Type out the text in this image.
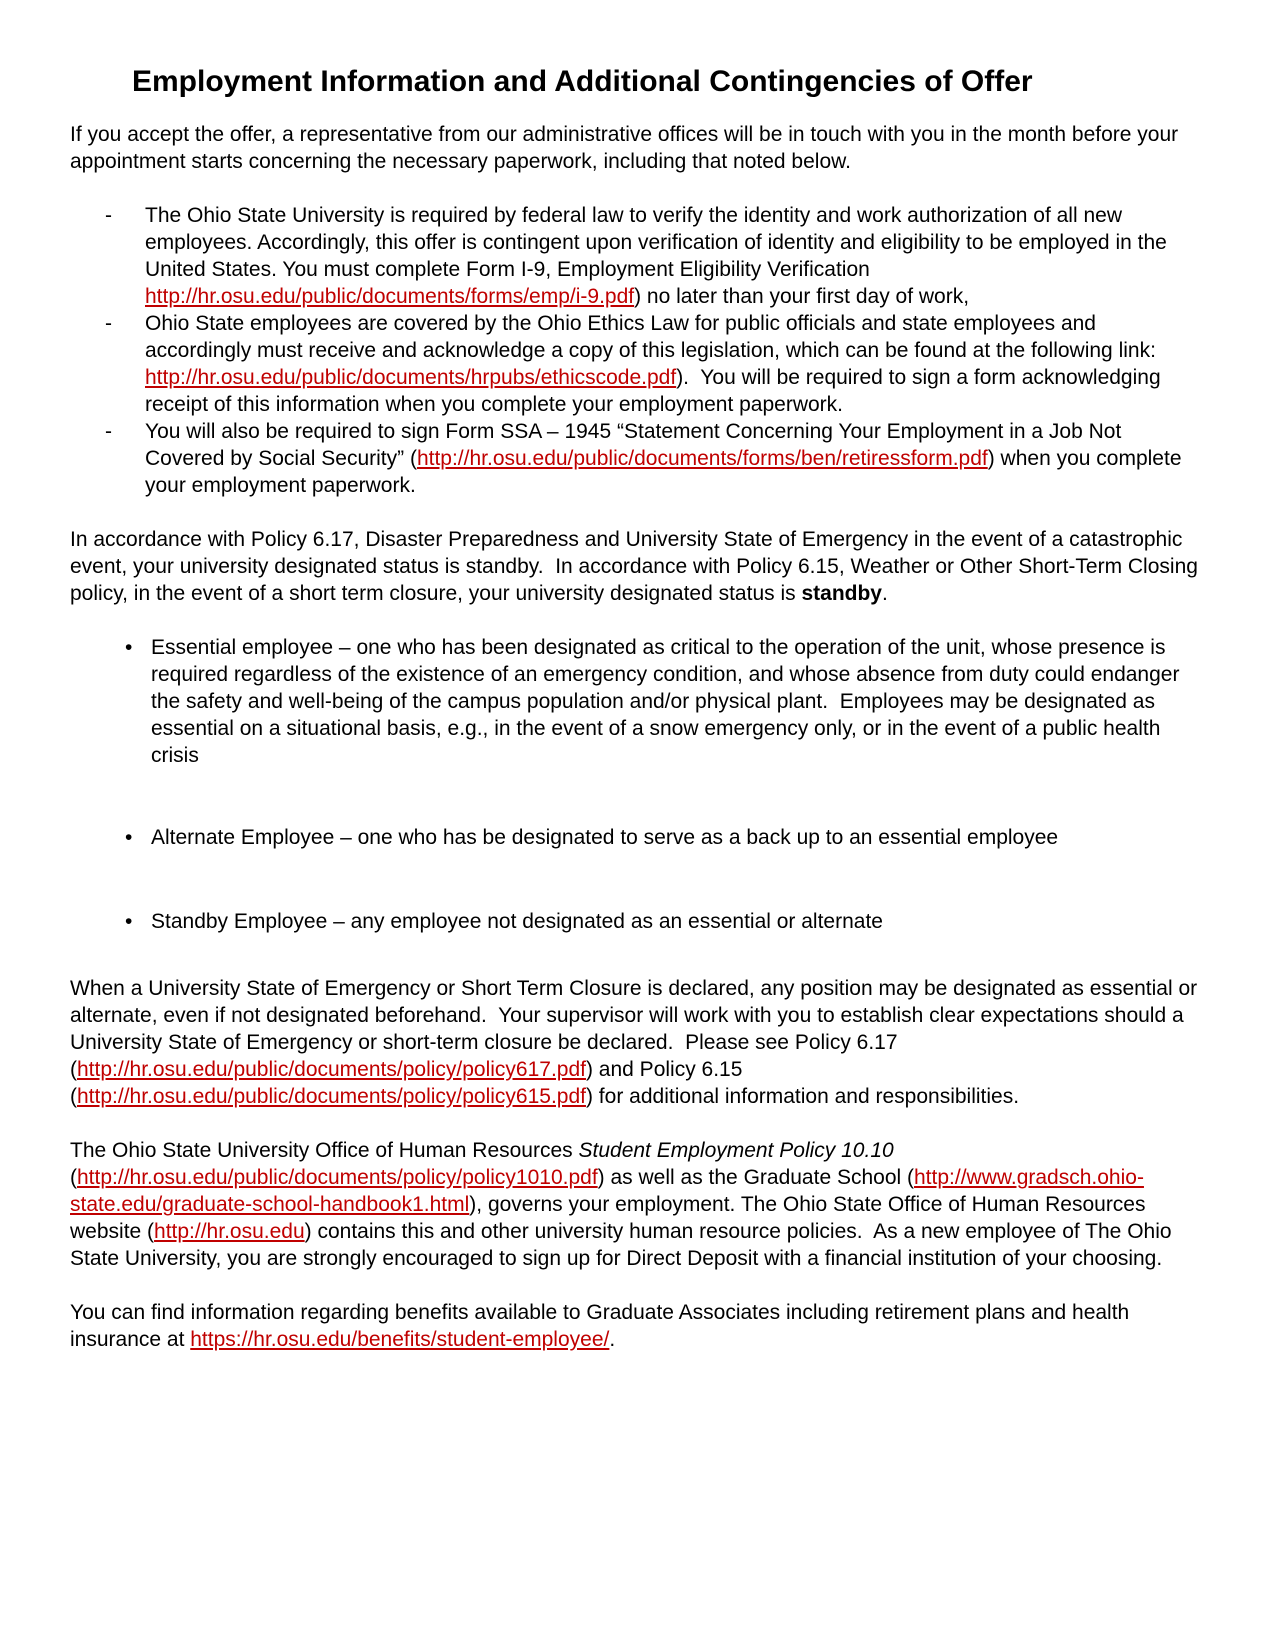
Employment Information and Additional Contingencies of Offer

If you accept the offer, a representative from our administrative offices will be in touch with you in the month before your appointment starts concerning the necessary paperwork, including that noted below.

- The Ohio State University is required by federal law to verify the identity and work authorization of all new employees. Accordingly, this offer is contingent upon verification of identity and eligibility to be employed in the United States. You must complete Form I-9, Employment Eligibility Verification http://hr.osu.edu/public/documents/forms/emp/i-9.pdf) no later than your first day of work,
- Ohio State employees are covered by the Ohio Ethics Law for public officials and state employees and accordingly must receive and acknowledge a copy of this legislation, which can be found at the following link: http://hr.osu.edu/public/documents/hrpubs/ethicscode.pdf).  You will be required to sign a form acknowledging receipt of this information when you complete your employment paperwork.
- You will also be required to sign Form SSA – 1945 “Statement Concerning Your Employment in a Job Not Covered by Social Security” (http://hr.osu.edu/public/documents/forms/ben/retiressform.pdf) when you complete your employment paperwork.

In accordance with Policy 6.17, Disaster Preparedness and University State of Emergency in the event of a catastrophic event, your university designated status is standby.  In accordance with Policy 6.15, Weather or Other Short-Term Closing policy, in the event of a short term closure, your university designated status is standby.

• Essential employee – one who has been designated as critical to the operation of the unit, whose presence is required regardless of the existence of an emergency condition, and whose absence from duty could endanger the safety and well-being of the campus population and/or physical plant.  Employees may be designated as essential on a situational basis, e.g., in the event of a snow emergency only, or in the event of a public health crisis
• Alternate Employee – one who has be designated to serve as a back up to an essential employee
• Standby Employee – any employee not designated as an essential or alternate

When a University State of Emergency or Short Term Closure is declared, any position may be designated as essential or alternate, even if not designated beforehand.  Your supervisor will work with you to establish clear expectations should a University State of Emergency or short-term closure be declared.  Please see Policy 6.17 (http://hr.osu.edu/public/documents/policy/policy617.pdf) and Policy 6.15 (http://hr.osu.edu/public/documents/policy/policy615.pdf) for additional information and responsibilities.

The Ohio State University Office of Human Resources Student Employment Policy 10.10 (http://hr.osu.edu/public/documents/policy/policy1010.pdf) as well as the Graduate School (http://www.gradsch.ohio-state.edu/graduate-school-handbook1.html), governs your employment. The Ohio State Office of Human Resources website (http://hr.osu.edu) contains this and other university human resource policies.  As a new employee of The Ohio State University, you are strongly encouraged to sign up for Direct Deposit with a financial institution of your choosing.

You can find information regarding benefits available to Graduate Associates including retirement plans and health insurance at https://hr.osu.edu/benefits/student-employee/.
